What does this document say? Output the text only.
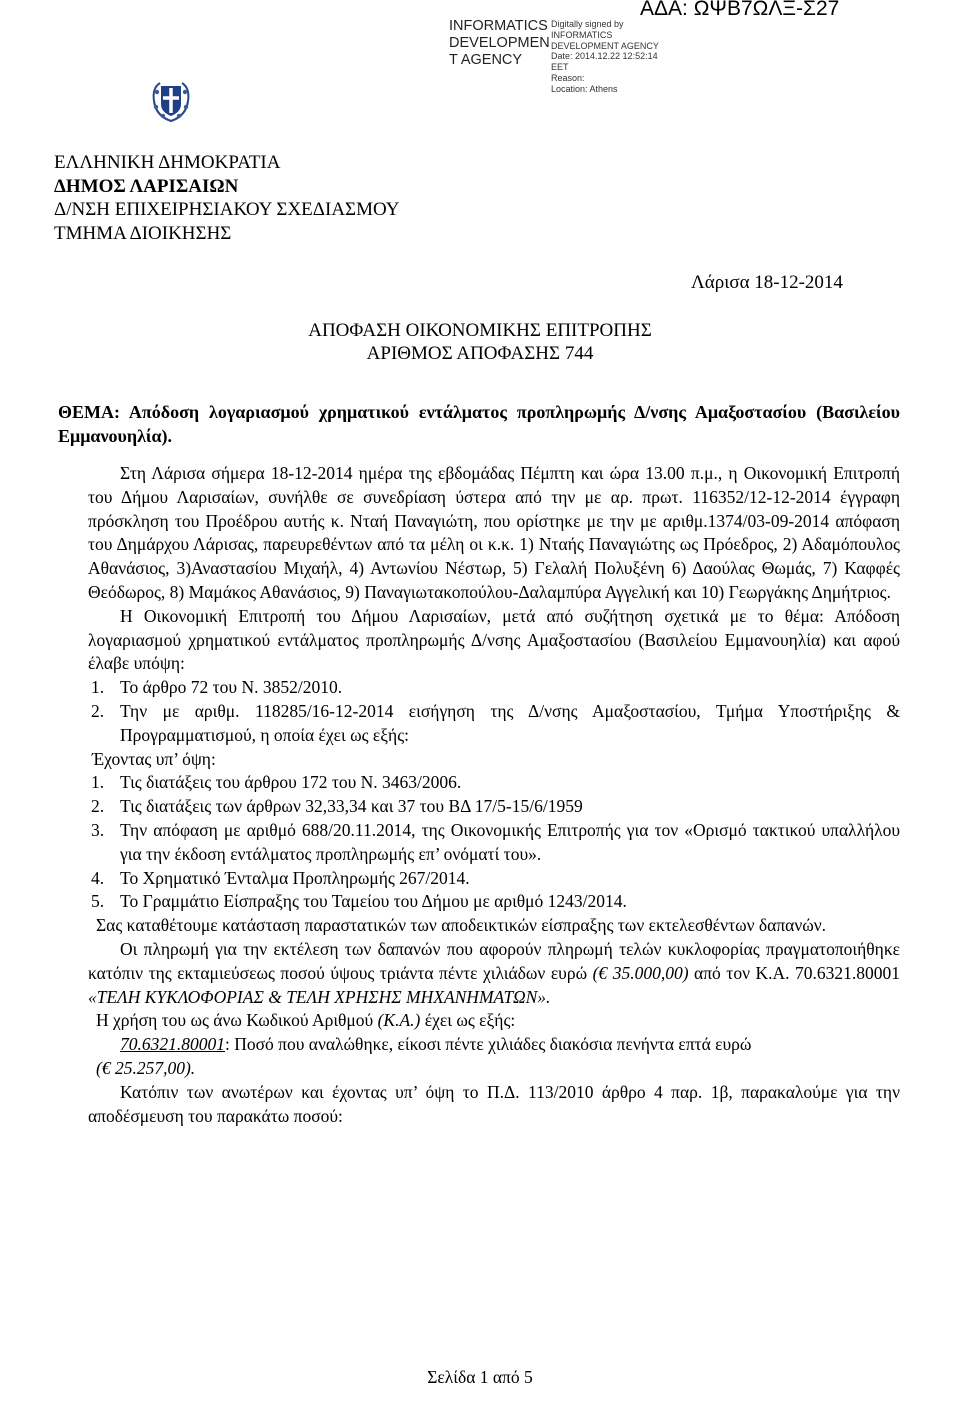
INFORMATICS
DEVELOPMEN
T AGENCY
Digitally signed by
INFORMATICS
DEVELOPMENT AGENCY
Date: 2014.12.22 12:52:14
EET
Reason:
Location: Athens
ΑΔΑ: ΩΨΒ7ΩΛΞ-Σ27
ΕΛΛΗΝΙΚΗ ΔΗΜΟΚΡΑΤΙΑ
ΔΗΜΟΣ ΛΑΡΙΣΑΙΩΝ
Δ/ΝΣΗ ΕΠΙΧΕΙΡΗΣΙΑΚΟΥ ΣΧΕΔΙΑΣΜΟΥ
ΤΜΗΜΑ ΔΙΟΙΚΗΣΗΣ
Λάρισα 18-12-2014
ΑΠΟΦΑΣΗ ΟΙΚΟΝΟΜΙΚΗΣ ΕΠΙΤΡΟΠΗΣ
ΑΡΙΘΜΟΣ ΑΠΟΦΑΣΗΣ 744

ΘΕΜΑ: Απόδοση λογαριασμού χρηματικού εντάλματος προπληρωμής Δ/νσης Αμαξοστασίου (Βασιλείου Εμμανουηλία).

Στη Λάρισα σήμερα 18-12-2014 ημέρα της εβδομάδας Πέμπτη και ώρα 13.00 π.μ., η Οικονομική Επιτροπή του Δήμου Λαρισαίων, συνήλθε σε συνεδρίαση ύστερα από την με αρ. πρωτ. 116352/12-12-2014 έγγραφη πρόσκληση του Προέδρου αυτής κ. Νταή Παναγιώτη, που ορίστηκε με την με αριθμ.1374/03-09-2014 απόφαση του Δημάρχου Λάρισας, παρευρεθέντων από τα μέλη οι κ.κ. 1) Νταής Παναγιώτης ως Πρόεδρος, 2) Αδαμόπουλος Αθανάσιος, 3)Αναστασίου Μιχαήλ, 4) Αντωνίου Νέστωρ, 5) Γελαλή Πολυξένη 6) Δαούλας Θωμάς, 7) Καφφές Θεόδωρος, 8) Μαμάκος Αθανάσιος, 9) Παναγιωτακοπούλου-Δαλαμπύρα Αγγελική και 10) Γεωργάκης Δημήτριος.

Η Οικονομική Επιτροπή του Δήμου Λαρισαίων, μετά από συζήτηση σχετικά με το θέμα: Απόδοση λογαριασμού χρηματικού εντάλματος προπληρωμής Δ/νσης Αμαξοστασίου (Βασιλείου Εμμανουηλία) και αφού έλαβε υπόψη:

1. Το άρθρο 72 του Ν. 3852/2010.
2. Την με αριθμ. 118285/16-12-2014 εισήγηση της Δ/νσης Αμαξοστασίου, Τμήμα Υποστήριξης & Προγραμματισμού, η οποία έχει ως εξής:

Έχοντας υπ’ όψη:

1. Τις διατάξεις του άρθρου 172 του Ν. 3463/2006.
2. Τις διατάξεις των άρθρων 32,33,34 και 37 του ΒΔ 17/5-15/6/1959
3. Την απόφαση με αριθμό 688/20.11.2014, της Οικονομικής Επιτροπής για τον «Ορισμό τακτικού υπαλλήλου για την έκδοση εντάλματος προπληρωμής επ’ ονόματί του».
4. Το Χρηματικό Ένταλμα Προπληρωμής 267/2014.
5. Το Γραμμάτιο Είσπραξης του Ταμείου του Δήμου με αριθμό 1243/2014.

Σας καταθέτουμε κατάσταση παραστατικών των αποδεικτικών είσπραξης των εκτελεσθέντων δαπανών.

Οι πληρωμή για την εκτέλεση των δαπανών που αφορούν πληρωμή τελών κυκλοφορίας πραγματοποιήθηκε κατόπιν της εκταμιεύσεως ποσού ύψους τριάντα πέντε χιλιάδων ευρώ (€ 35.000,00) από τον Κ.Α. 70.6321.80001 «ΤΕΛΗ ΚΥΚΛΟΦΟΡΙΑΣ & ΤΕΛΗ ΧΡΗΣΗΣ ΜΗΧΑΝΗΜΑΤΩΝ».

Η χρήση του ως άνω Κωδικού Αριθμού (Κ.Α.) έχει ως εξής:

70.6321.80001: Ποσό που αναλώθηκε, είκοσι πέντε χιλιάδες διακόσια πενήντα επτά ευρώ
(€ 25.257,00).

Κατόπιν των ανωτέρων και έχοντας υπ’ όψη το Π.Δ. 113/2010 άρθρο 4 παρ. 1β, παρακαλούμε για την αποδέσμευση του παρακάτω ποσού:

Σελίδα 1 από 5
